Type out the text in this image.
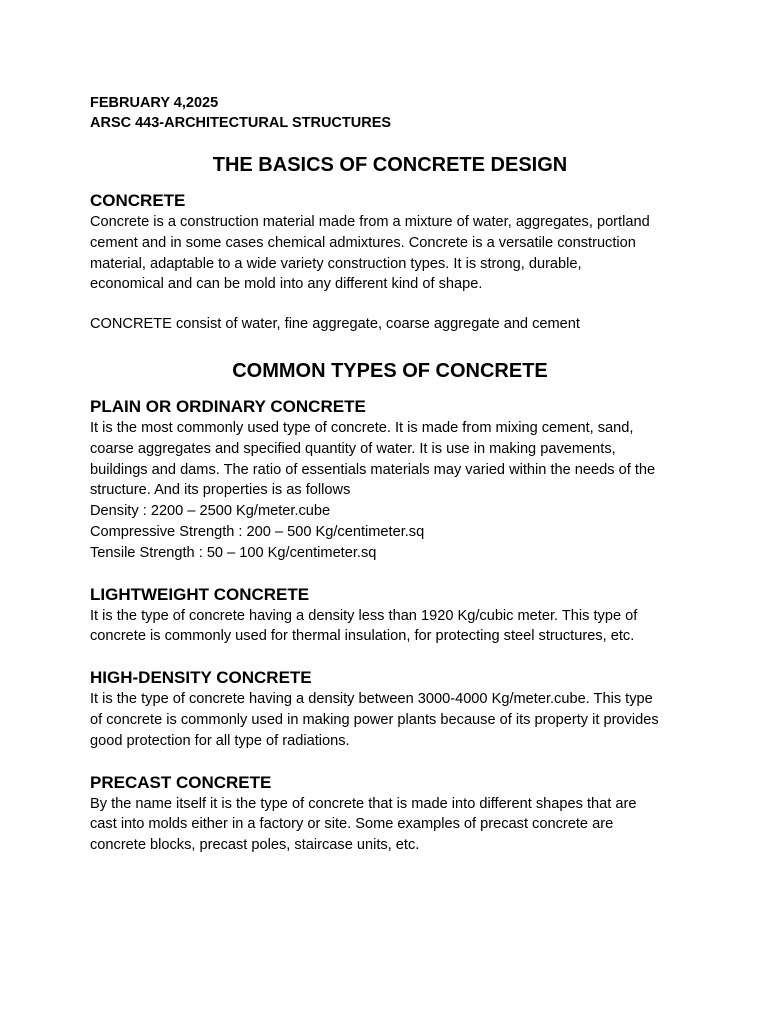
FEBRUARY 4,2025

ARSC 443-ARCHITECTURAL STRUCTURES

THE BASICS OF CONCRETE DESIGN
CONCRETE

Concrete is a construction material made from a mixture of water, aggregates, portland
cement and in some cases chemical admixtures. Concrete is a versatile construction
material, adaptable to a wide variety construction types. It is strong, durable,
economical and can be mold into any different kind of shape.

CONCRETE consist of water, fine aggregate, coarse aggregate and cement

COMMON TYPES OF CONCRETE
PLAIN OR ORDINARY CONCRETE

It is the most commonly used type of concrete. It is made from mixing cement, sand,
coarse aggregates and specified quantity of water. It is use in making pavements,
buildings and dams. The ratio of essentials materials may varied within the needs of the
structure. And its properties is as follows
Density : 2200 – 2500 Kg/meter.cube
Compressive Strength : 200 – 500 Kg/centimeter.sq
Tensile Strength : 50 – 100 Kg/centimeter.sq

LIGHTWEIGHT CONCRETE

It is the type of concrete having a density less than 1920 Kg/cubic meter. This type of
concrete is commonly used for thermal insulation, for protecting steel structures, etc.

HIGH-DENSITY CONCRETE

It is the type of concrete having a density between 3000-4000 Kg/meter.cube. This type
of concrete is commonly used in making power plants because of its property it provides
good protection for all type of radiations.

PRECAST CONCRETE

By the name itself it is the type of concrete that is made into different shapes that are
cast into molds either in a factory or site. Some examples of precast concrete are
concrete blocks, precast poles, staircase units, etc.
